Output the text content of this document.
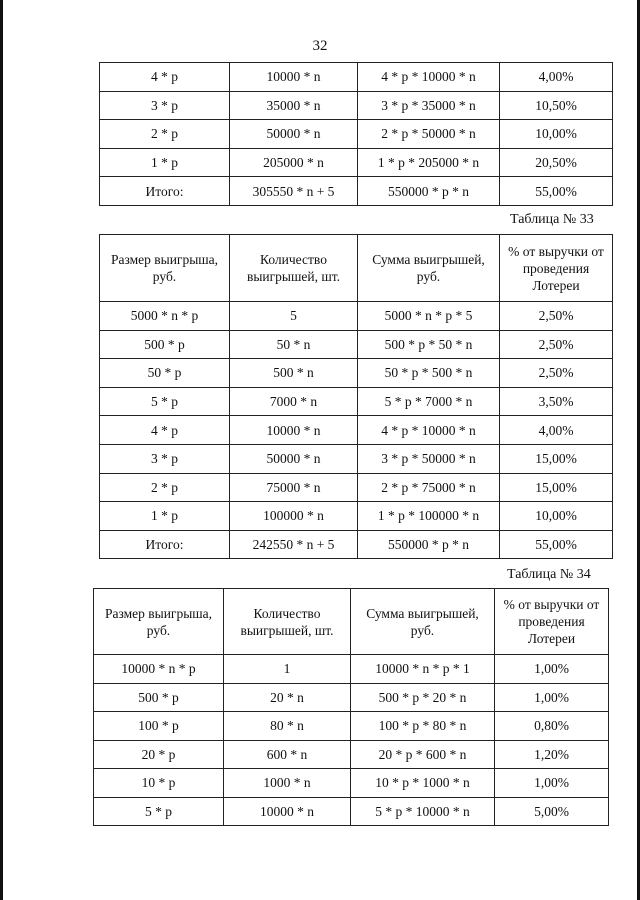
32
4 * p	10000 * n	4 * p * 10000 * n	4,00%
3 * p	35000 * n	3 * p * 35000 * n	10,50%
2 * p	50000 * n	2 * p * 50000 * n	10,00%
1 * p	205000 * n	1 * p * 205000 * n	20,50%
Итого:	305550 * n + 5	550000 * p * n	55,00%
Таблица № 33
Размер выигрыша, руб.	Количество выигрышей, шт.	Сумма выигрышей, руб.	% от выручки от проведения Лотереи
5000 * n * p	5	5000 * n * p * 5	2,50%
500 * p	50 * n	500 * p * 50 * n	2,50%
50 * p	500 * n	50 * p * 500 * n	2,50%
5 * p	7000 * n	5 * p * 7000 * n	3,50%
4 * p	10000 * n	4 * p * 10000 * n	4,00%
3 * p	50000 * n	3 * p * 50000 * n	15,00%
2 * p	75000 * n	2 * p * 75000 * n	15,00%
1 * p	100000 * n	1 * p * 100000 * n	10,00%
Итого:	242550 * n + 5	550000 * p * n	55,00%
Таблица № 34
Размер выигрыша, руб.	Количество выигрышей, шт.	Сумма выигрышей, руб.	% от выручки от проведения Лотереи
10000 * n * p	1	10000 * n * p * 1	1,00%
500 * p	20 * n	500 * p * 20 * n	1,00%
100 * p	80 * n	100 * p * 80 * n	0,80%
20 * p	600 * n	20 * p * 600 * n	1,20%
10 * p	1000 * n	10 * p * 1000 * n	1,00%
5 * p	10000 * n	5 * p * 10000 * n	5,00%
